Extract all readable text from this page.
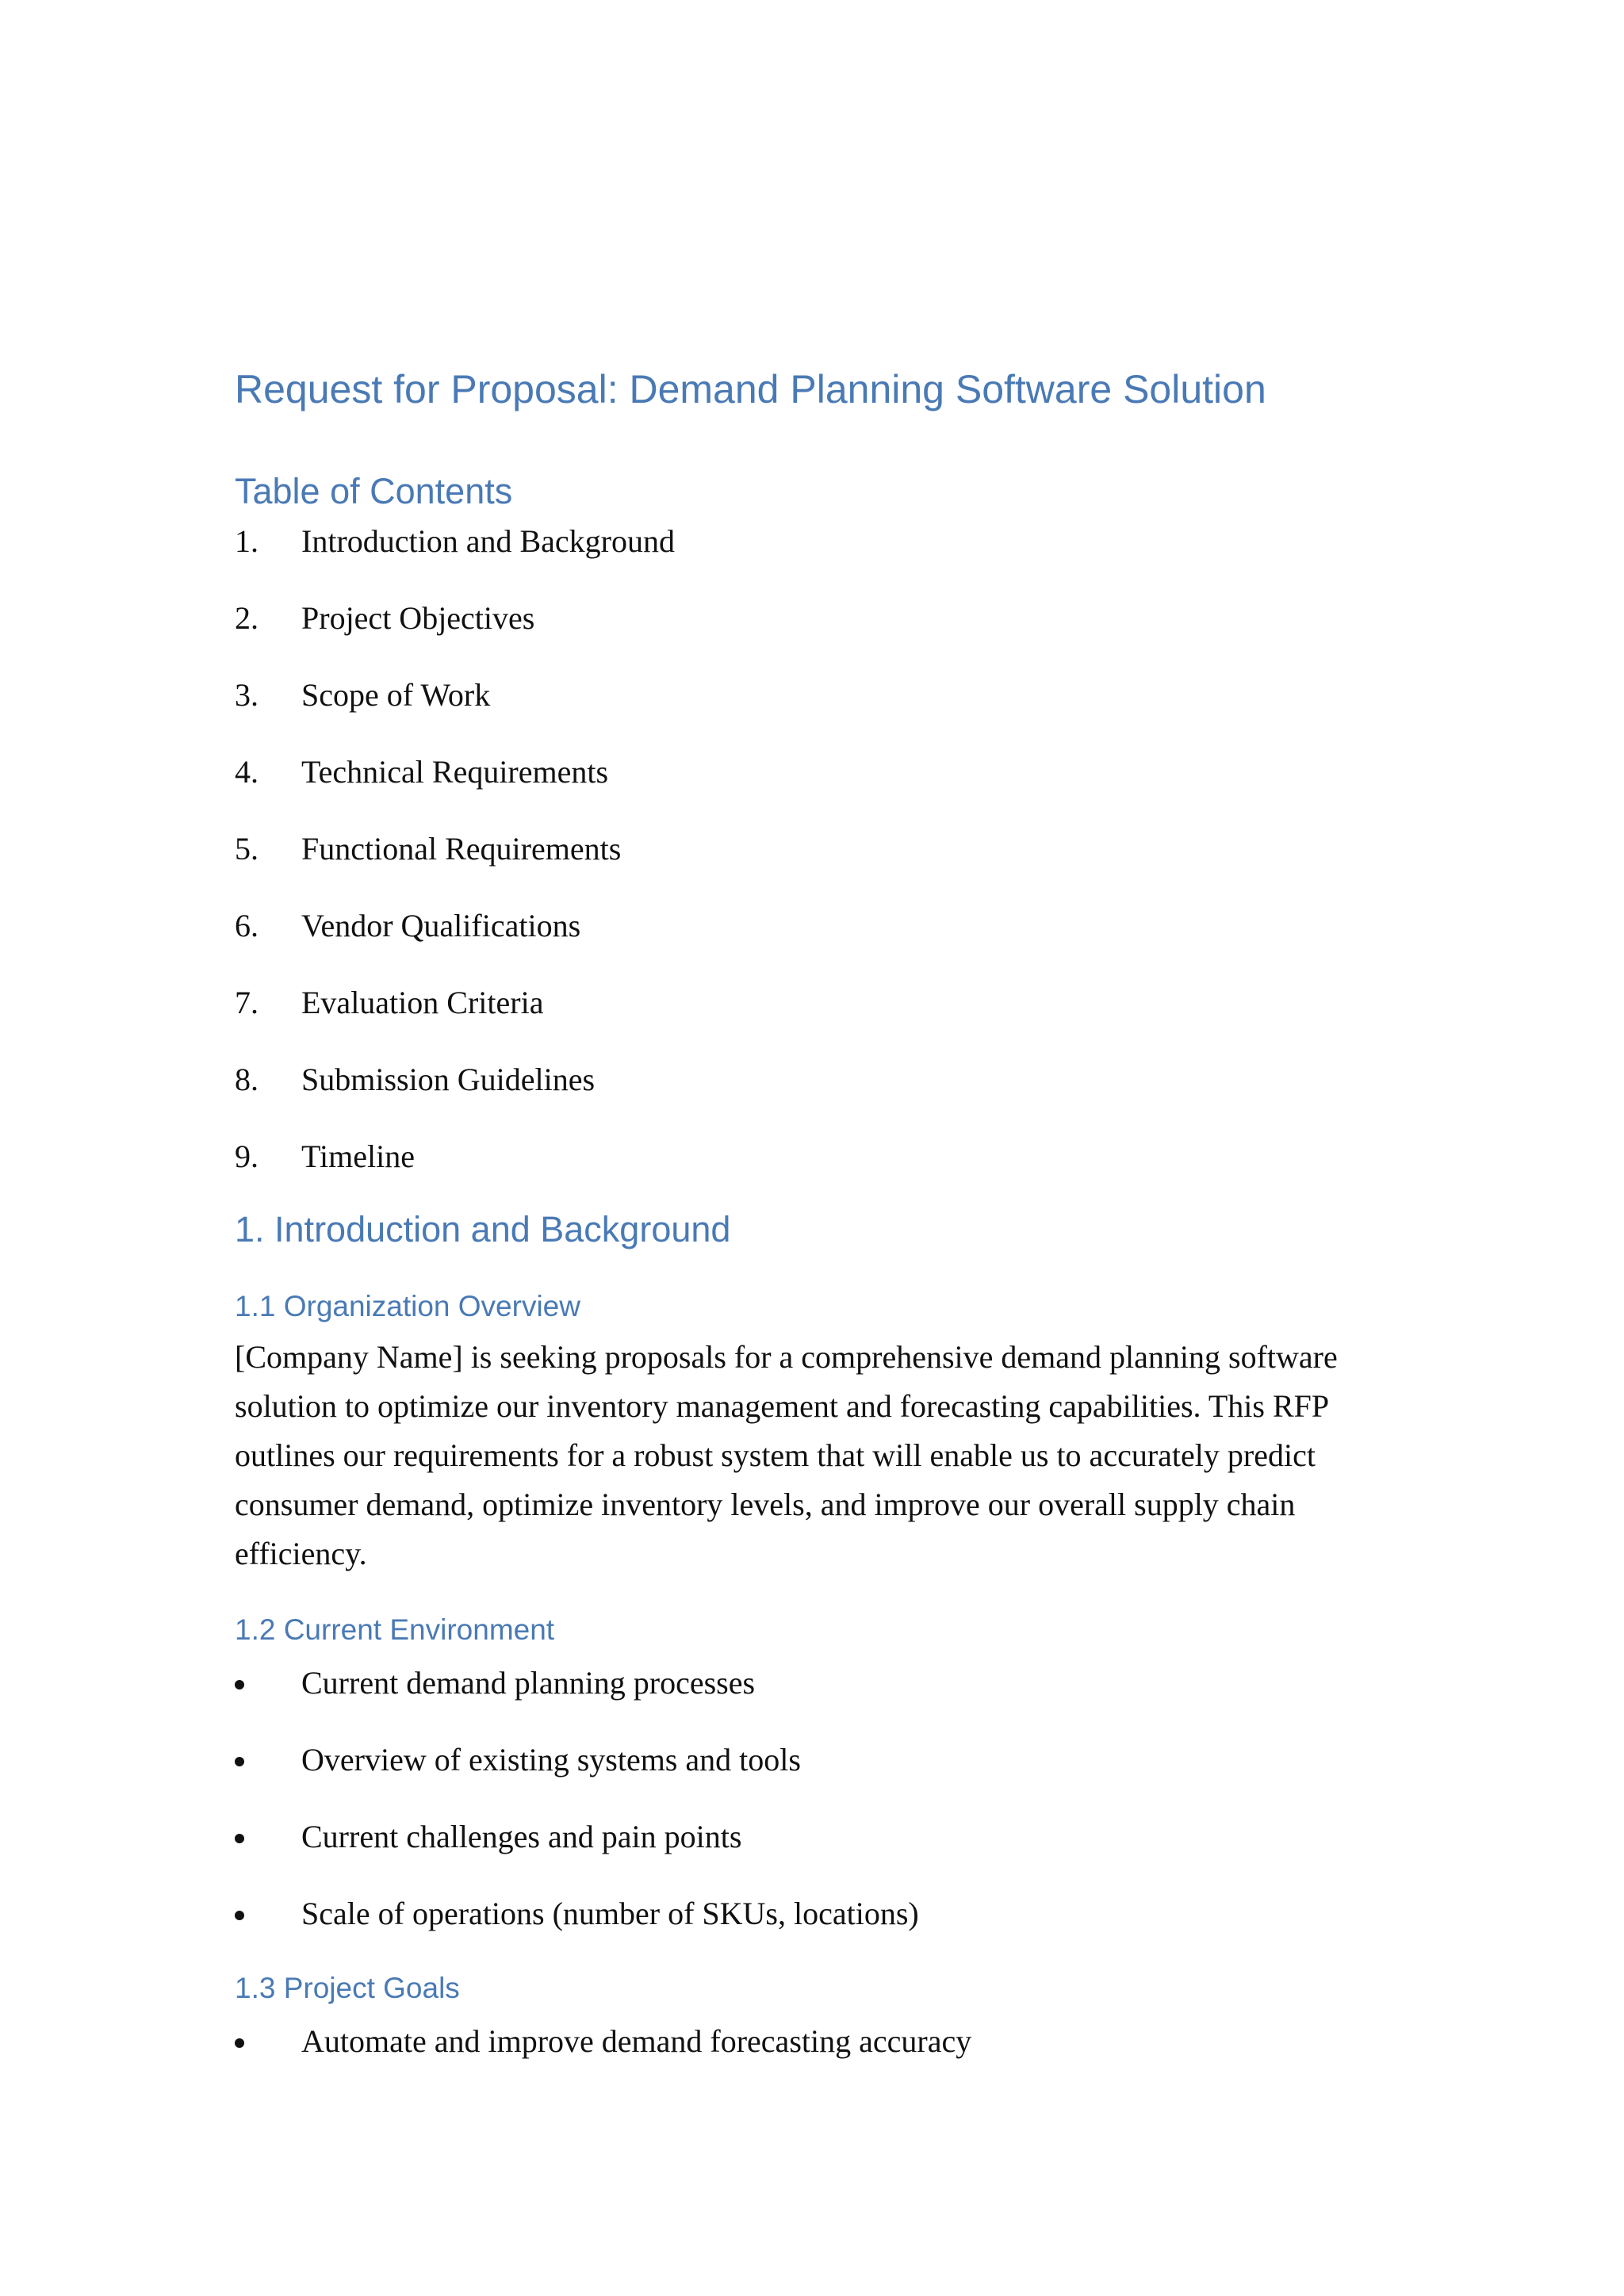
Request for Proposal: Demand Planning Software Solution
Table of Contents
1. Introduction and Background
2. Project Objectives
3. Scope of Work
4. Technical Requirements
5. Functional Requirements
6. Vendor Qualifications
7. Evaluation Criteria
8. Submission Guidelines
9. Timeline
1. Introduction and Background
1.1 Organization Overview

[Company Name] is seeking proposals for a comprehensive demand planning software solution to optimize our inventory management and forecasting capabilities. This RFP outlines our requirements for a robust system that will enable us to accurately predict consumer demand, optimize inventory levels, and improve our overall supply chain efficiency.

1.2 Current Environment
Current demand planning processes
Overview of existing systems and tools
Current challenges and pain points
Scale of operations (number of SKUs, locations)
1.3 Project Goals
Automate and improve demand forecasting accuracy
